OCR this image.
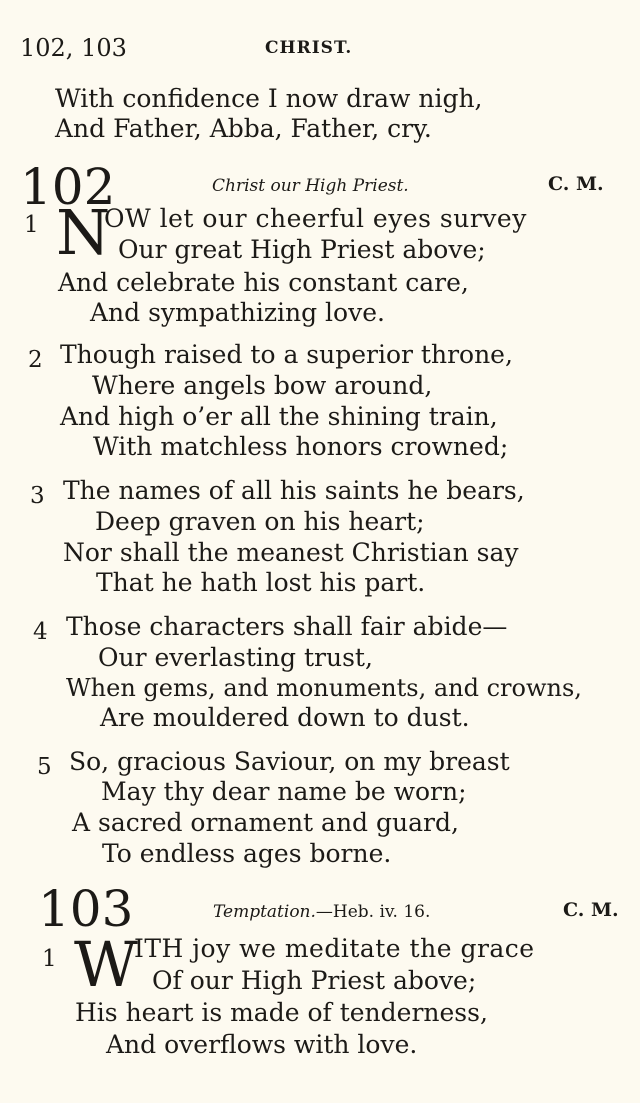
102, 103	CHRIST.
With confidence I now draw nigh,
And Father, Abba, Father, cry.
102	Christ our High Priest.	C. M.
1 N
OW let our cheerful eyes survey
Our great High Priest above;
And celebrate his constant care,
And sympathizing love.
2 Though raised to a superior throne,
Where angels bow around,
And high o’er all the shining train,
With matchless honors crowned;
3 The names of all his saints he bears,
Deep graven on his heart;
Nor shall the meanest Christian say
That he hath lost his part.
4 Those characters shall fair abide—
Our everlasting trust,
When gems, and monuments, and crowns,
Are mouldered down to dust.
5 So, gracious Saviour, on my breast
May thy dear name be worn;
A sacred ornament and guard,
To endless ages borne.
103	Temptation.—Heb. iv. 16.	C. M.
1 W
ITH joy we meditate the grace
Of our High Priest above;
His heart is made of tenderness,
And overflows with love.
